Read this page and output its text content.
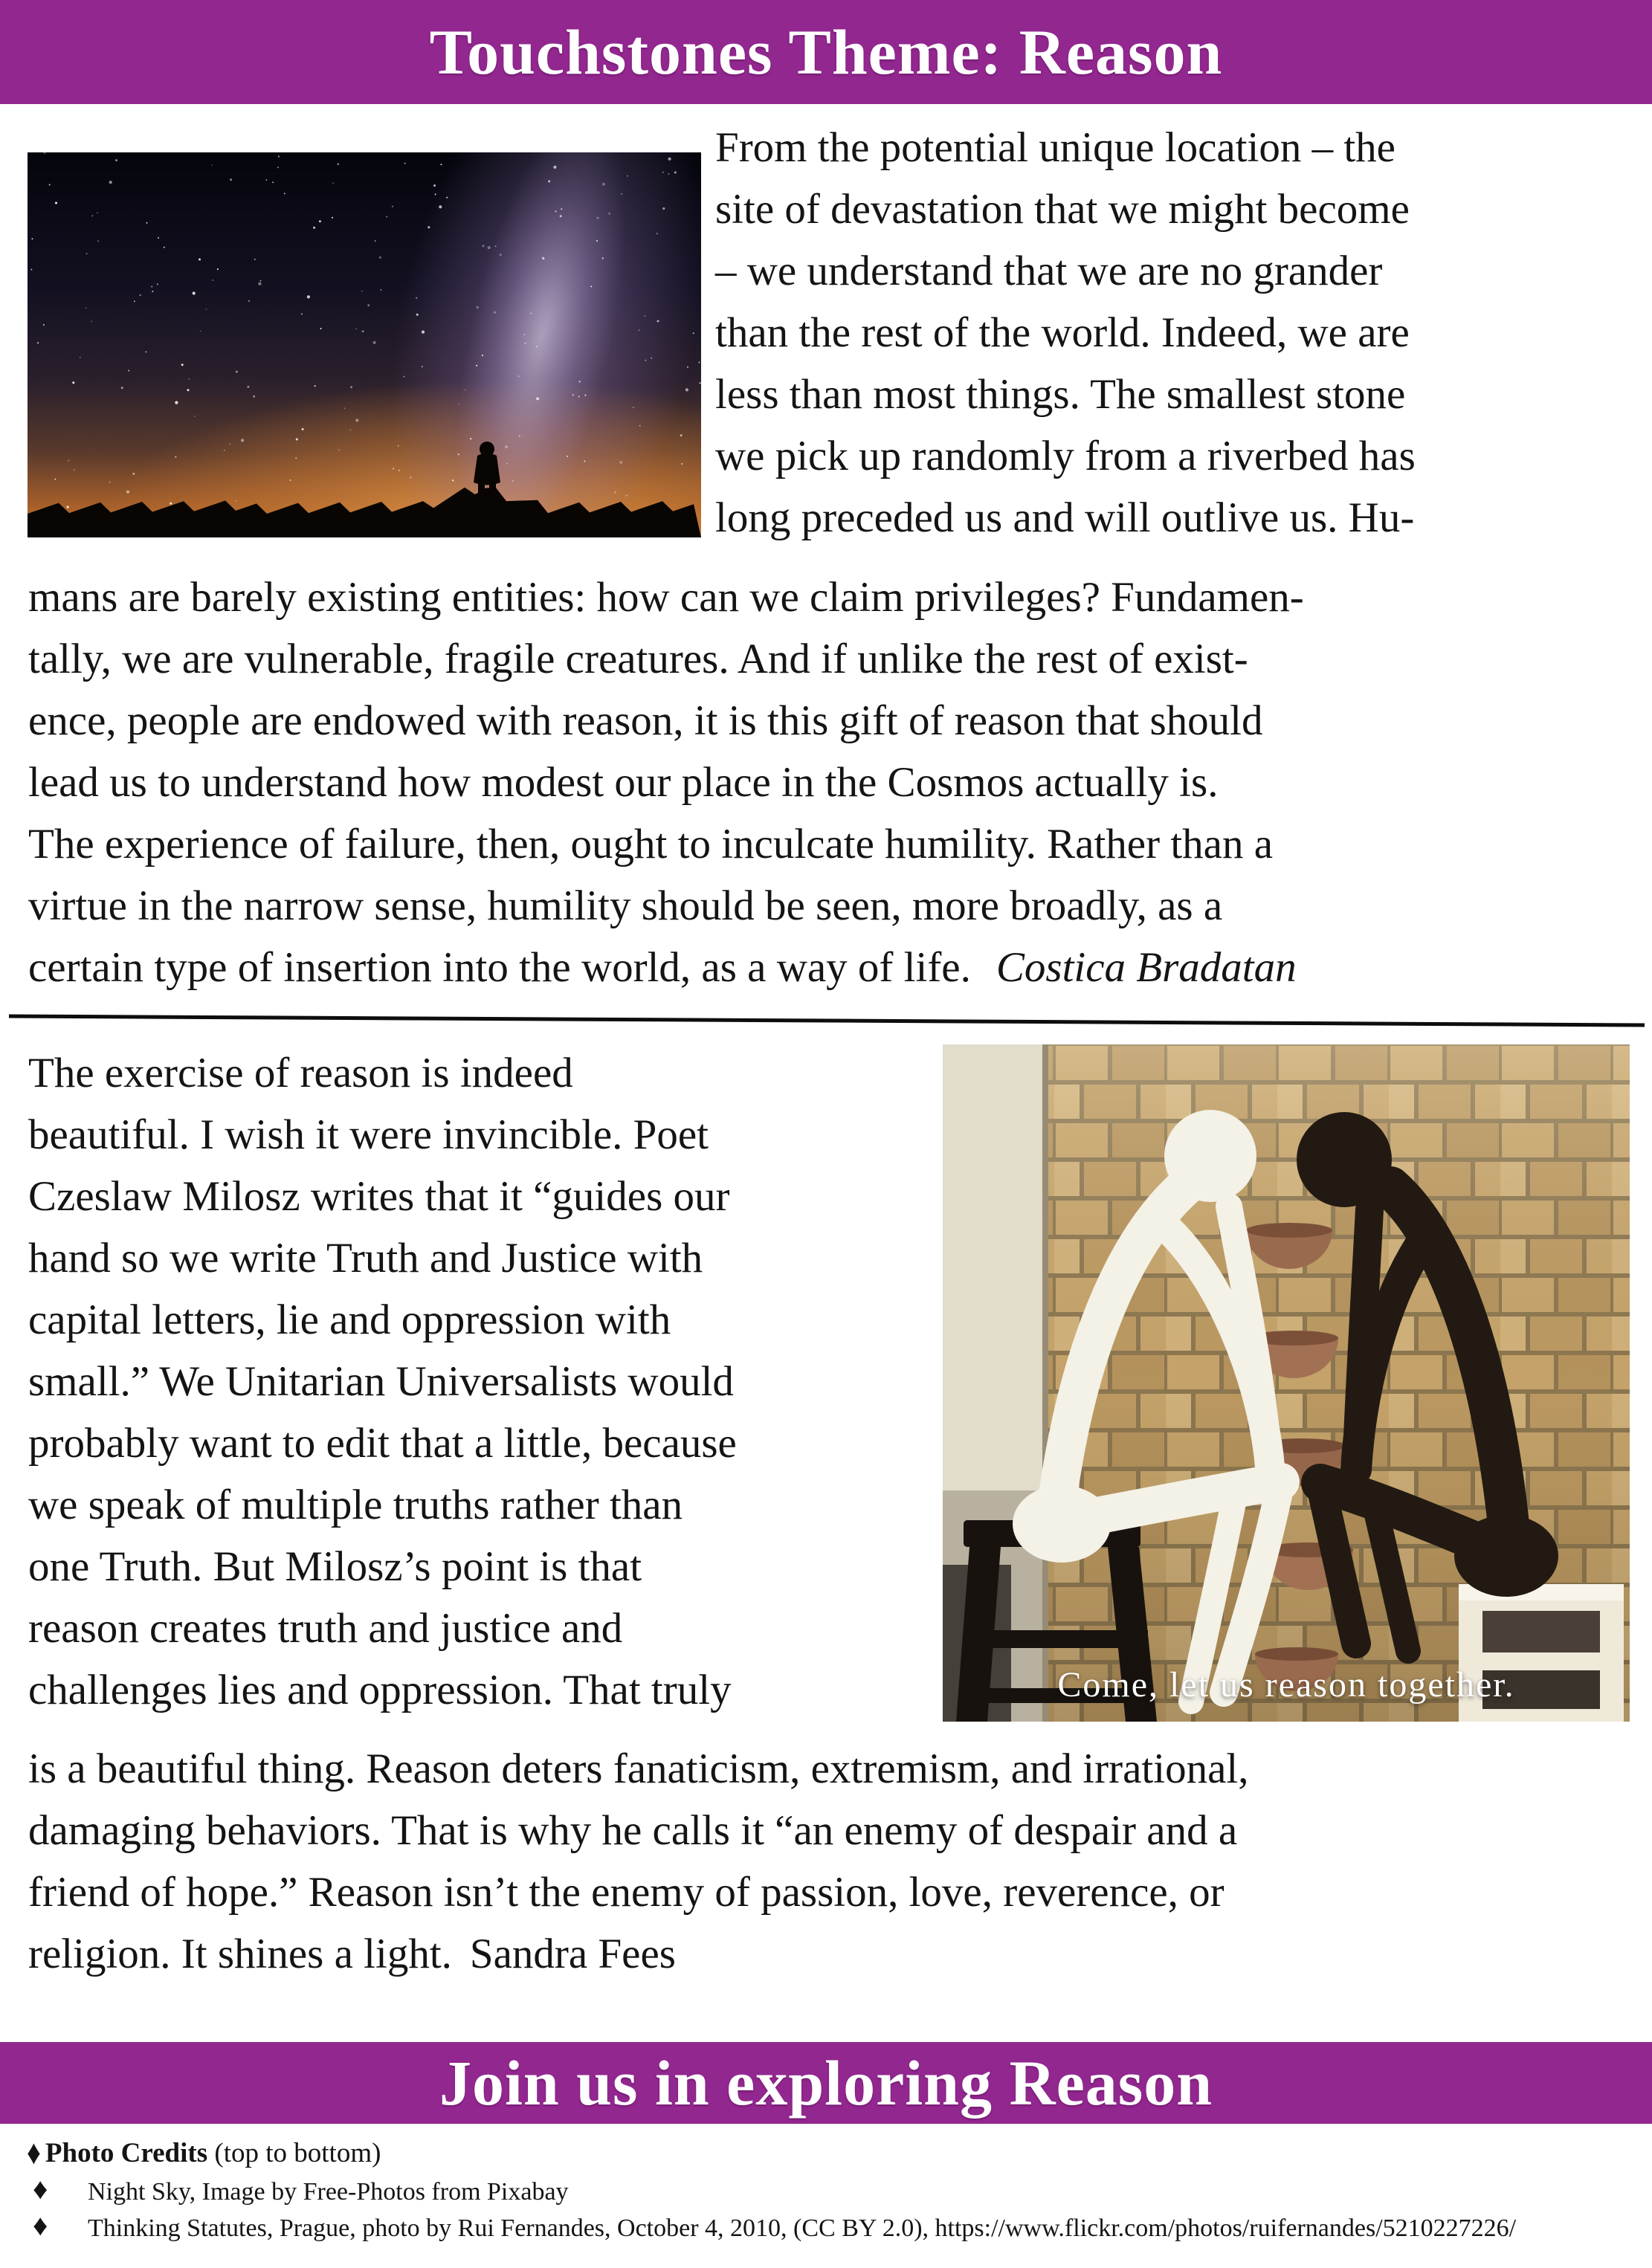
Touchstones Theme: Reason
From the potential unique location – the
site of devastation that we might become
– we understand that we are no grander
than the rest of the world. Indeed, we are
less than most things. The smallest stone
we pick up randomly from a riverbed has
long preceded us and will outlive us. Hu-
mans are barely existing entities: how can we claim privileges? Fundamen-
tally, we are vulnerable, fragile creatures. And if unlike the rest of exist-
ence, people are endowed with reason, it is this gift of reason that should
lead us to understand how modest our place in the Cosmos actually is.
The experience of failure, then, ought to inculcate humility. Rather than a
virtue in the narrow sense, humility should be seen, more broadly, as a
certain type of insertion into the world, as a way of life. Costica Bradatan
The exercise of reason is indeed
beautiful. I wish it were invincible. Poet
Czeslaw Milosz writes that it “guides our
hand so we write Truth and Justice with
capital letters, lie and oppression with
small.” We Unitarian Universalists would
probably want to edit that a little, because
we speak of multiple truths rather than
one Truth. But Milosz’s point is that
reason creates truth and justice and
challenges lies and oppression. That truly	Come, let us reason together.
is a beautiful thing. Reason deters fanaticism, extremism, and irrational,
damaging behaviors. That is why he calls it “an enemy of despair and a
friend of hope.” Reason isn’t the enemy of passion, love, reverence, or
religion. It shines a light. Sandra Fees
Join us in exploring Reason
♦ Photo Credits (top to bottom)
♦ Night Sky, Image by Free-Photos from Pixabay
♦ Thinking Statutes, Prague, photo by Rui Fernandes, October 4, 2010, (CC BY 2.0), https://www.flickr.com/photos/ruifernandes/5210227226/
